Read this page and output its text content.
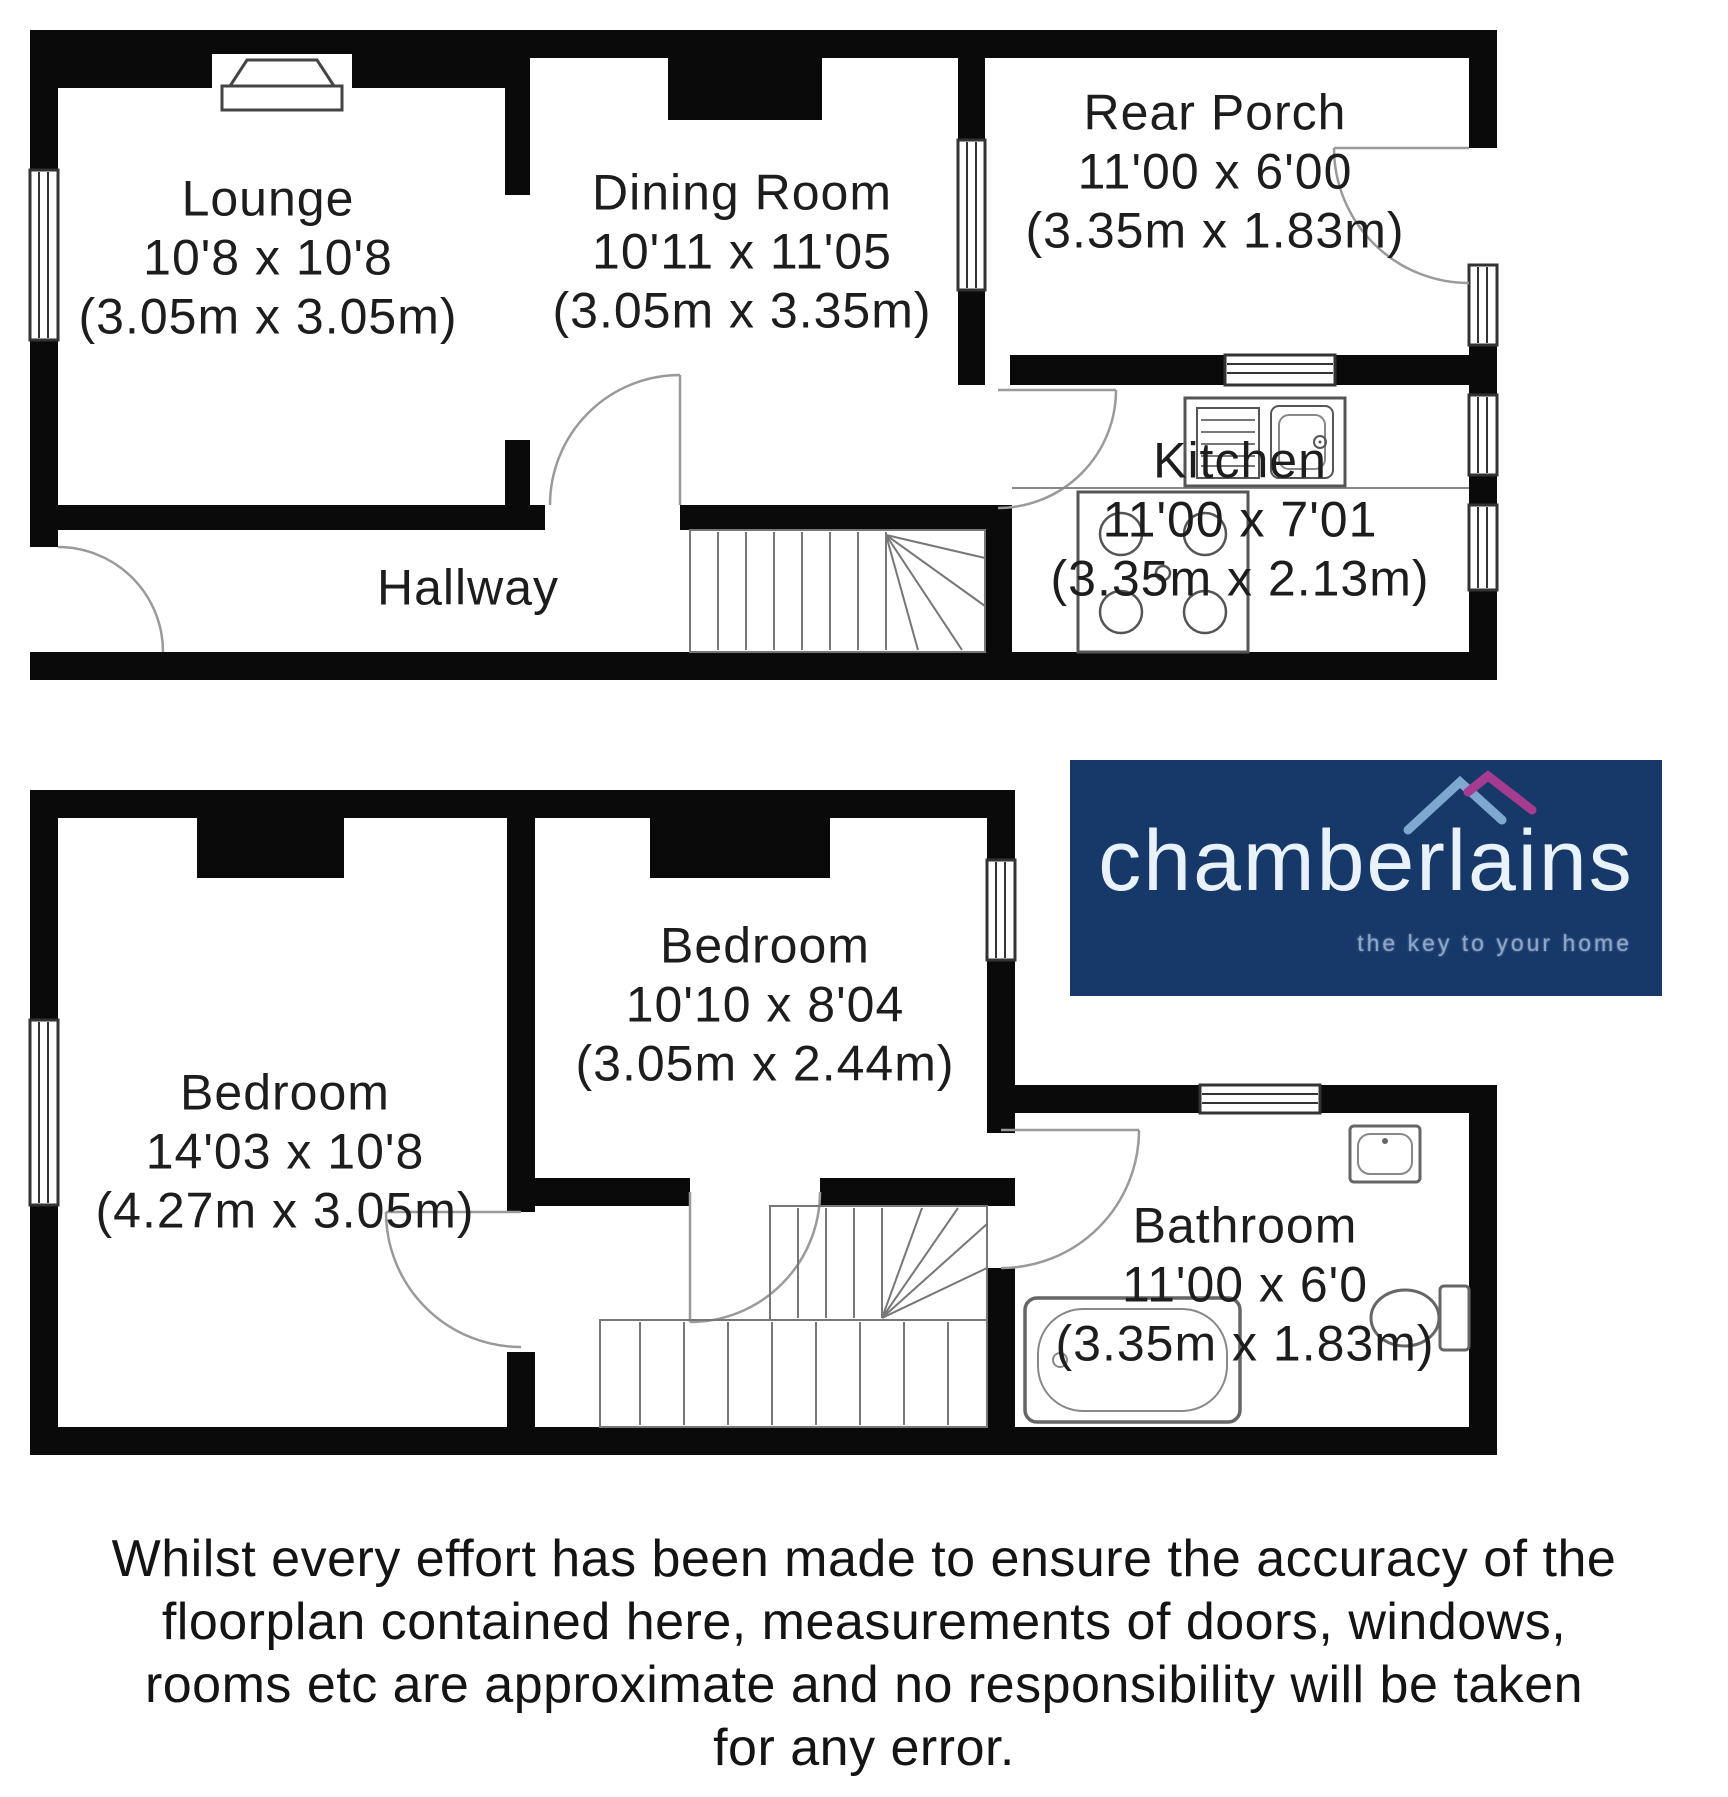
Lounge
10'8 x 10'8
(3.05m x 3.05m)
Dining Room
10'11 x 11'05
(3.05m x 3.35m)
Rear Porch
11'00 x 6'00
(3.35m x 1.83m)
Kitchen
11'00 x 7'01
(3.35m x 2.13m)
Hallway
Bedroom
14'03 x 10'8
(4.27m x 3.05m)
Bedroom
10'10 x 8'04
(3.05m x 2.44m)
Bathroom
11'00 x 6'0
(3.35m x 1.83m)
chamberlains
the key to your home
Whilst every effort has been made to ensure the accuracy of the
floorplan contained here, measurements of doors, windows,
rooms etc are approximate and no responsibility will be taken
for any error.
